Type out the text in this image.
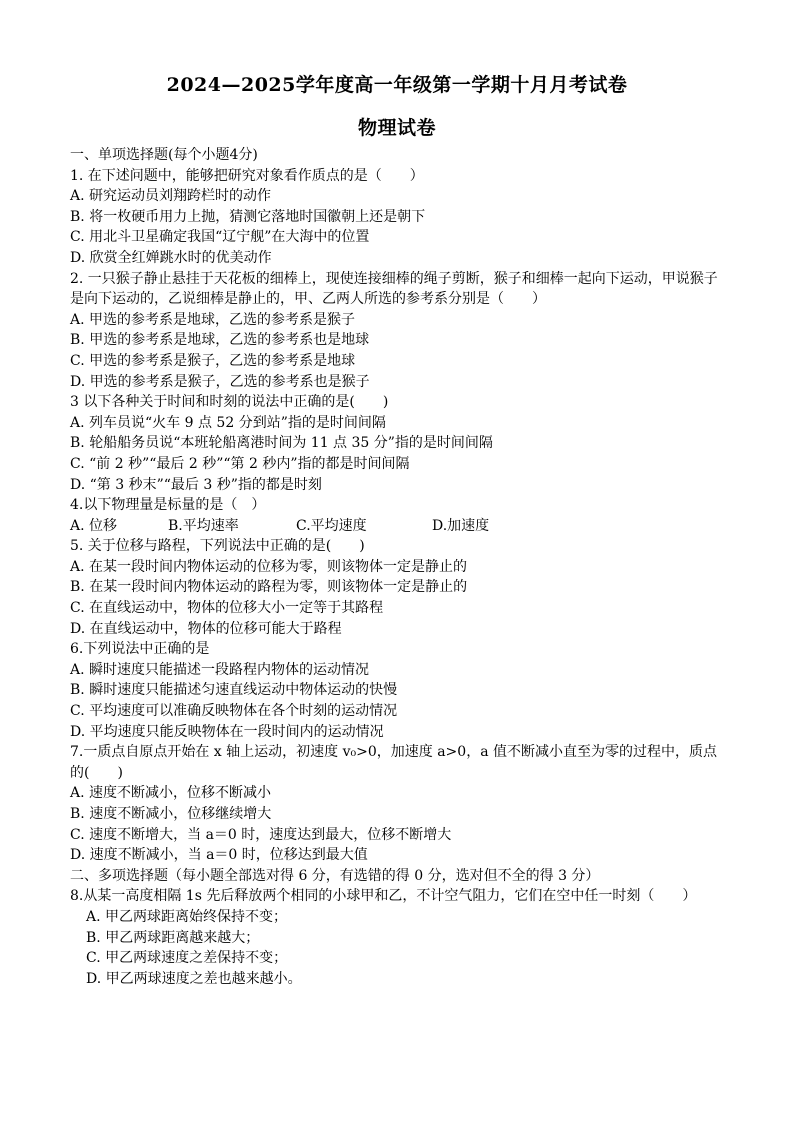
2024—2025学年度高一年级第一学期十月月考试卷
物理试卷
一、单项选择题(每个小题4分)
1. 在下述问题中，能够把研究对象看作质点的是（　　）
A. 研究运动员刘翔跨栏时的动作
B. 将一枚硬币用力上抛，猜测它落地时国徽朝上还是朝下
C. 用北斗卫星确定我国“辽宁舰”在大海中的位置
D. 欣赏全红婵跳水时的优美动作
2. 一只猴子静止悬挂于天花板的细棒上，现使连接细棒的绳子剪断，猴子和细棒一起向下运动，甲说猴子是向下运动的，乙说细棒是静止的，甲、乙两人所选的参考系分别是（　　）
A. 甲选的参考系是地球，乙选的参考系是猴子
B. 甲选的参考系是地球，乙选的参考系也是地球
C. 甲选的参考系是猴子，乙选的参考系是地球
D. 甲选的参考系是猴子，乙选的参考系也是猴子
3 以下各种关于时间和时刻的说法中正确的是(　　)
A. 列车员说“火车 9 点 52 分到站”指的是时间间隔
B. 轮船船务员说“本班轮船离港时间为 11 点 35 分”指的是时间间隔
C. “前 2 秒”“最后 2 秒”“第 2 秒内”指的都是时间间隔
D. “第 3 秒末”“最后 3 秒”指的都是时刻
4.以下物理量是标量的是（　）
A. 位移	B.平均速率	C.平均速度	D.加速度
5. 关于位移与路程，下列说法中正确的是(　　)
A. 在某一段时间内物体运动的位移为零，则该物体一定是静止的
B. 在某一段时间内物体运动的路程为零，则该物体一定是静止的
C. 在直线运动中，物体的位移大小一定等于其路程
D. 在直线运动中，物体的位移可能大于路程
6.下列说法中正确的是
A. 瞬时速度只能描述一段路程内物体的运动情况
B. 瞬时速度只能描述匀速直线运动中物体运动的快慢
C. 平均速度可以准确反映物体在各个时刻的运动情况
D. 平均速度只能反映物体在一段时间内的运动情况
7.一质点自原点开始在 x 轴上运动，初速度 v₀>0，加速度 a>0，a 值不断减小直至为零的过程中，质点的(　　)
A. 速度不断减小，位移不断减小
B. 速度不断减小，位移继续增大
C. 速度不断增大，当 a＝0 时，速度达到最大，位移不断增大
D. 速度不断减小，当 a＝0 时，位移达到最大值
二、多项选择题（每小题全部选对得 6 分，有选错的得 0 分，选对但不全的得 3 分）
8.从某一高度相隔 1s 先后释放两个相同的小球甲和乙，不计空气阻力，它们在空中任一时刻（　　）
A. 甲乙两球距离始终保持不变；
B. 甲乙两球距离越来越大；
C. 甲乙两球速度之差保持不变；
D. 甲乙两球速度之差也越来越小。
